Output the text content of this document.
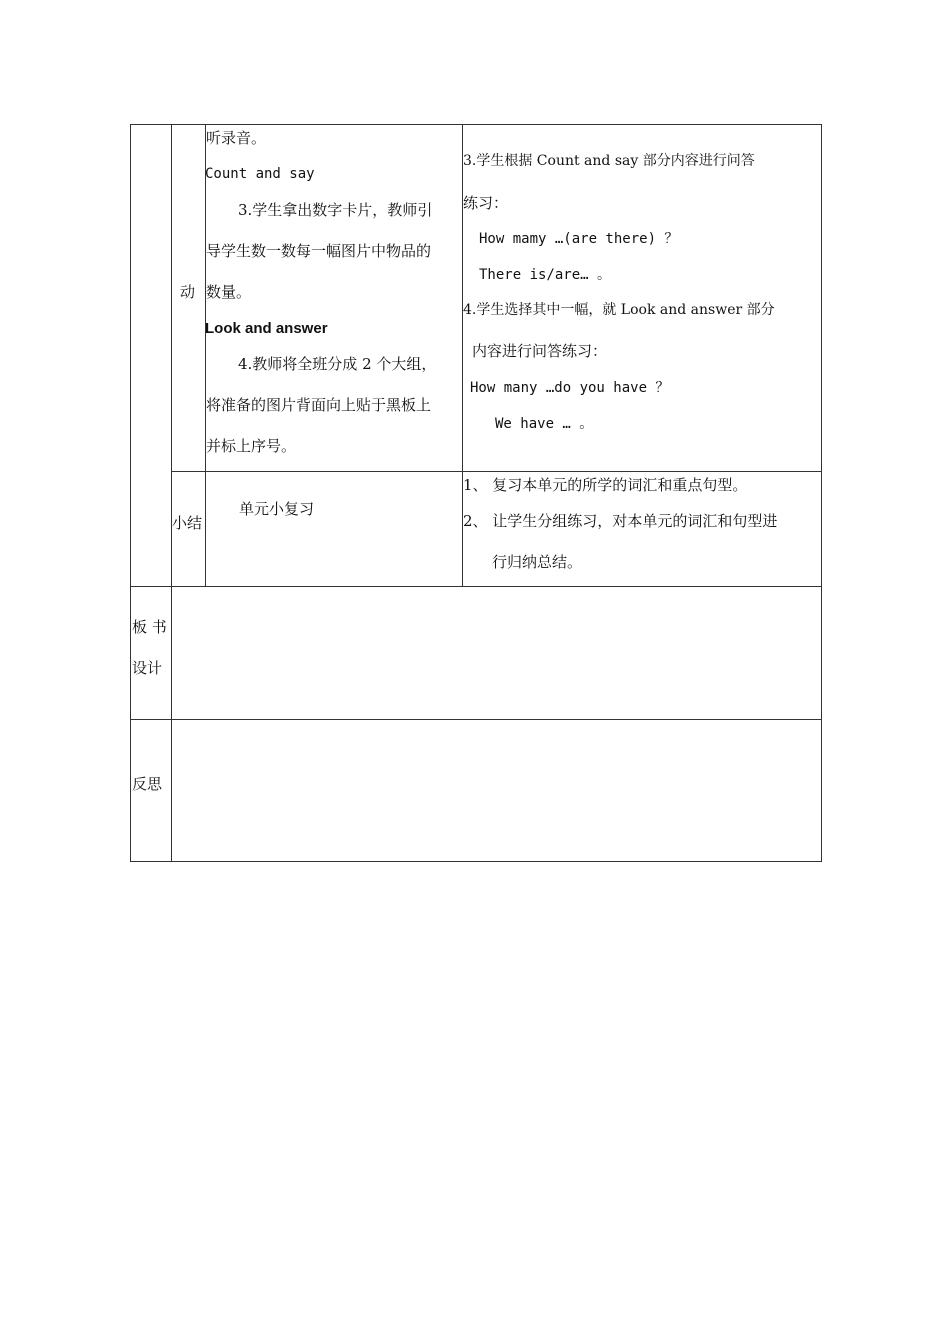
动
听录音。
Count and say
3.学生拿出数字卡片，教师引
导学生数一数每一幅图片中物品的
数量。
Look and answer
4.教师将全班分成 2 个大组，
将准备的图片背面向上贴于黑板上
并标上序号。
3.学生根据 Count and say 部分内容进行问答
练习：
How mamy …(are there) ？
There is/are… 。
4.学生选择其中一幅，就 Look and answer 部分
内容进行问答练习：
How many …do you have ？
We have … 。
小结
单元小复习
1、 复习本单元的所学的词汇和重点句型。
2、 让学生分组练习，对本单元的词汇和句型进
行归纳总结。
板 书
设计
反思
